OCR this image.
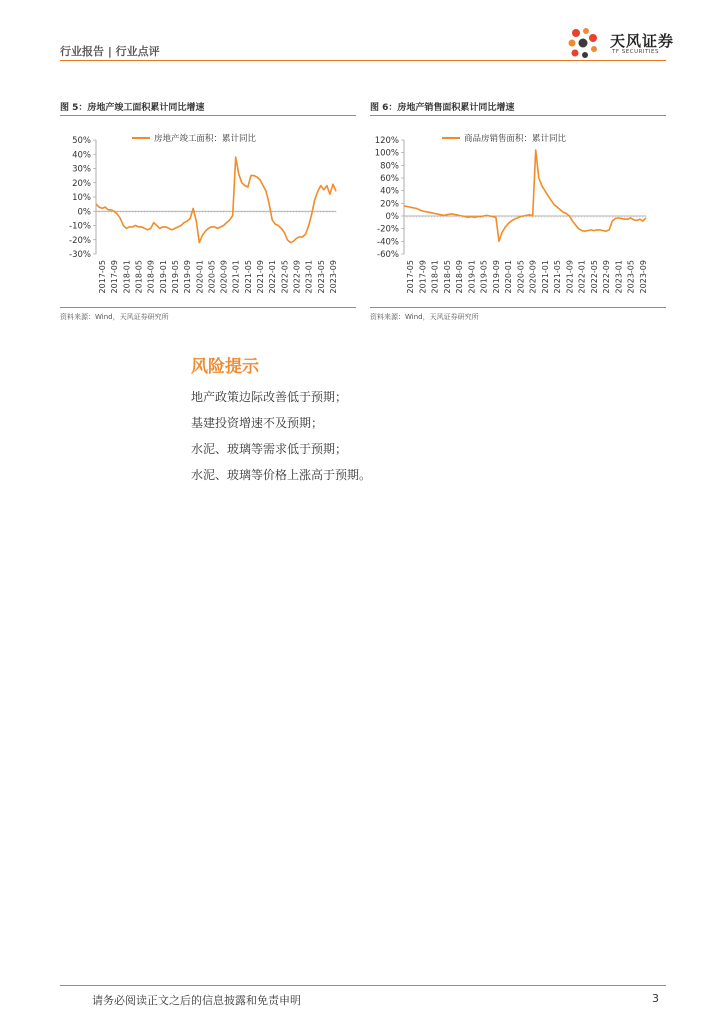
行业报告 | 行业点评
天风证券
TF SECURITIES
图 5：房地产竣工面积累计同比增速
50%
40%
30%
20%
10%
0%
-10%
-20%
-30%
2017-05 2017-09 2018-01 2018-05 2018-09 2019-01 2019-05 2019-09 2020-01 2020-05 2020-09 2021-01 2021-05 2021-09 2022-01 2022-05 2022-09 2023-01 2023-05 2023-09
房地产竣工面积：累计同比
资料来源：Wind，天风证券研究所
图 6：房地产销售面积累计同比增速
120%
100%
80%
60%
40%
20%
0%
-20%
-40%
-60%
2017-05 2017-09 2018-01 2018-05 2018-09 2019-01 2019-05 2019-09 2020-01 2020-05 2020-09 2021-01 2021-05 2021-09 2022-01 2022-05 2022-09 2023-01 2023-05 2023-09
商品房销售面积：累计同比
资料来源：Wind，天风证券研究所
风险提示
地产政策边际改善低于预期；
基建投资增速不及预期；
水泥、玻璃等需求低于预期；
水泥、玻璃等价格上涨高于预期。
请务必阅读正文之后的信息披露和免责申明	3
